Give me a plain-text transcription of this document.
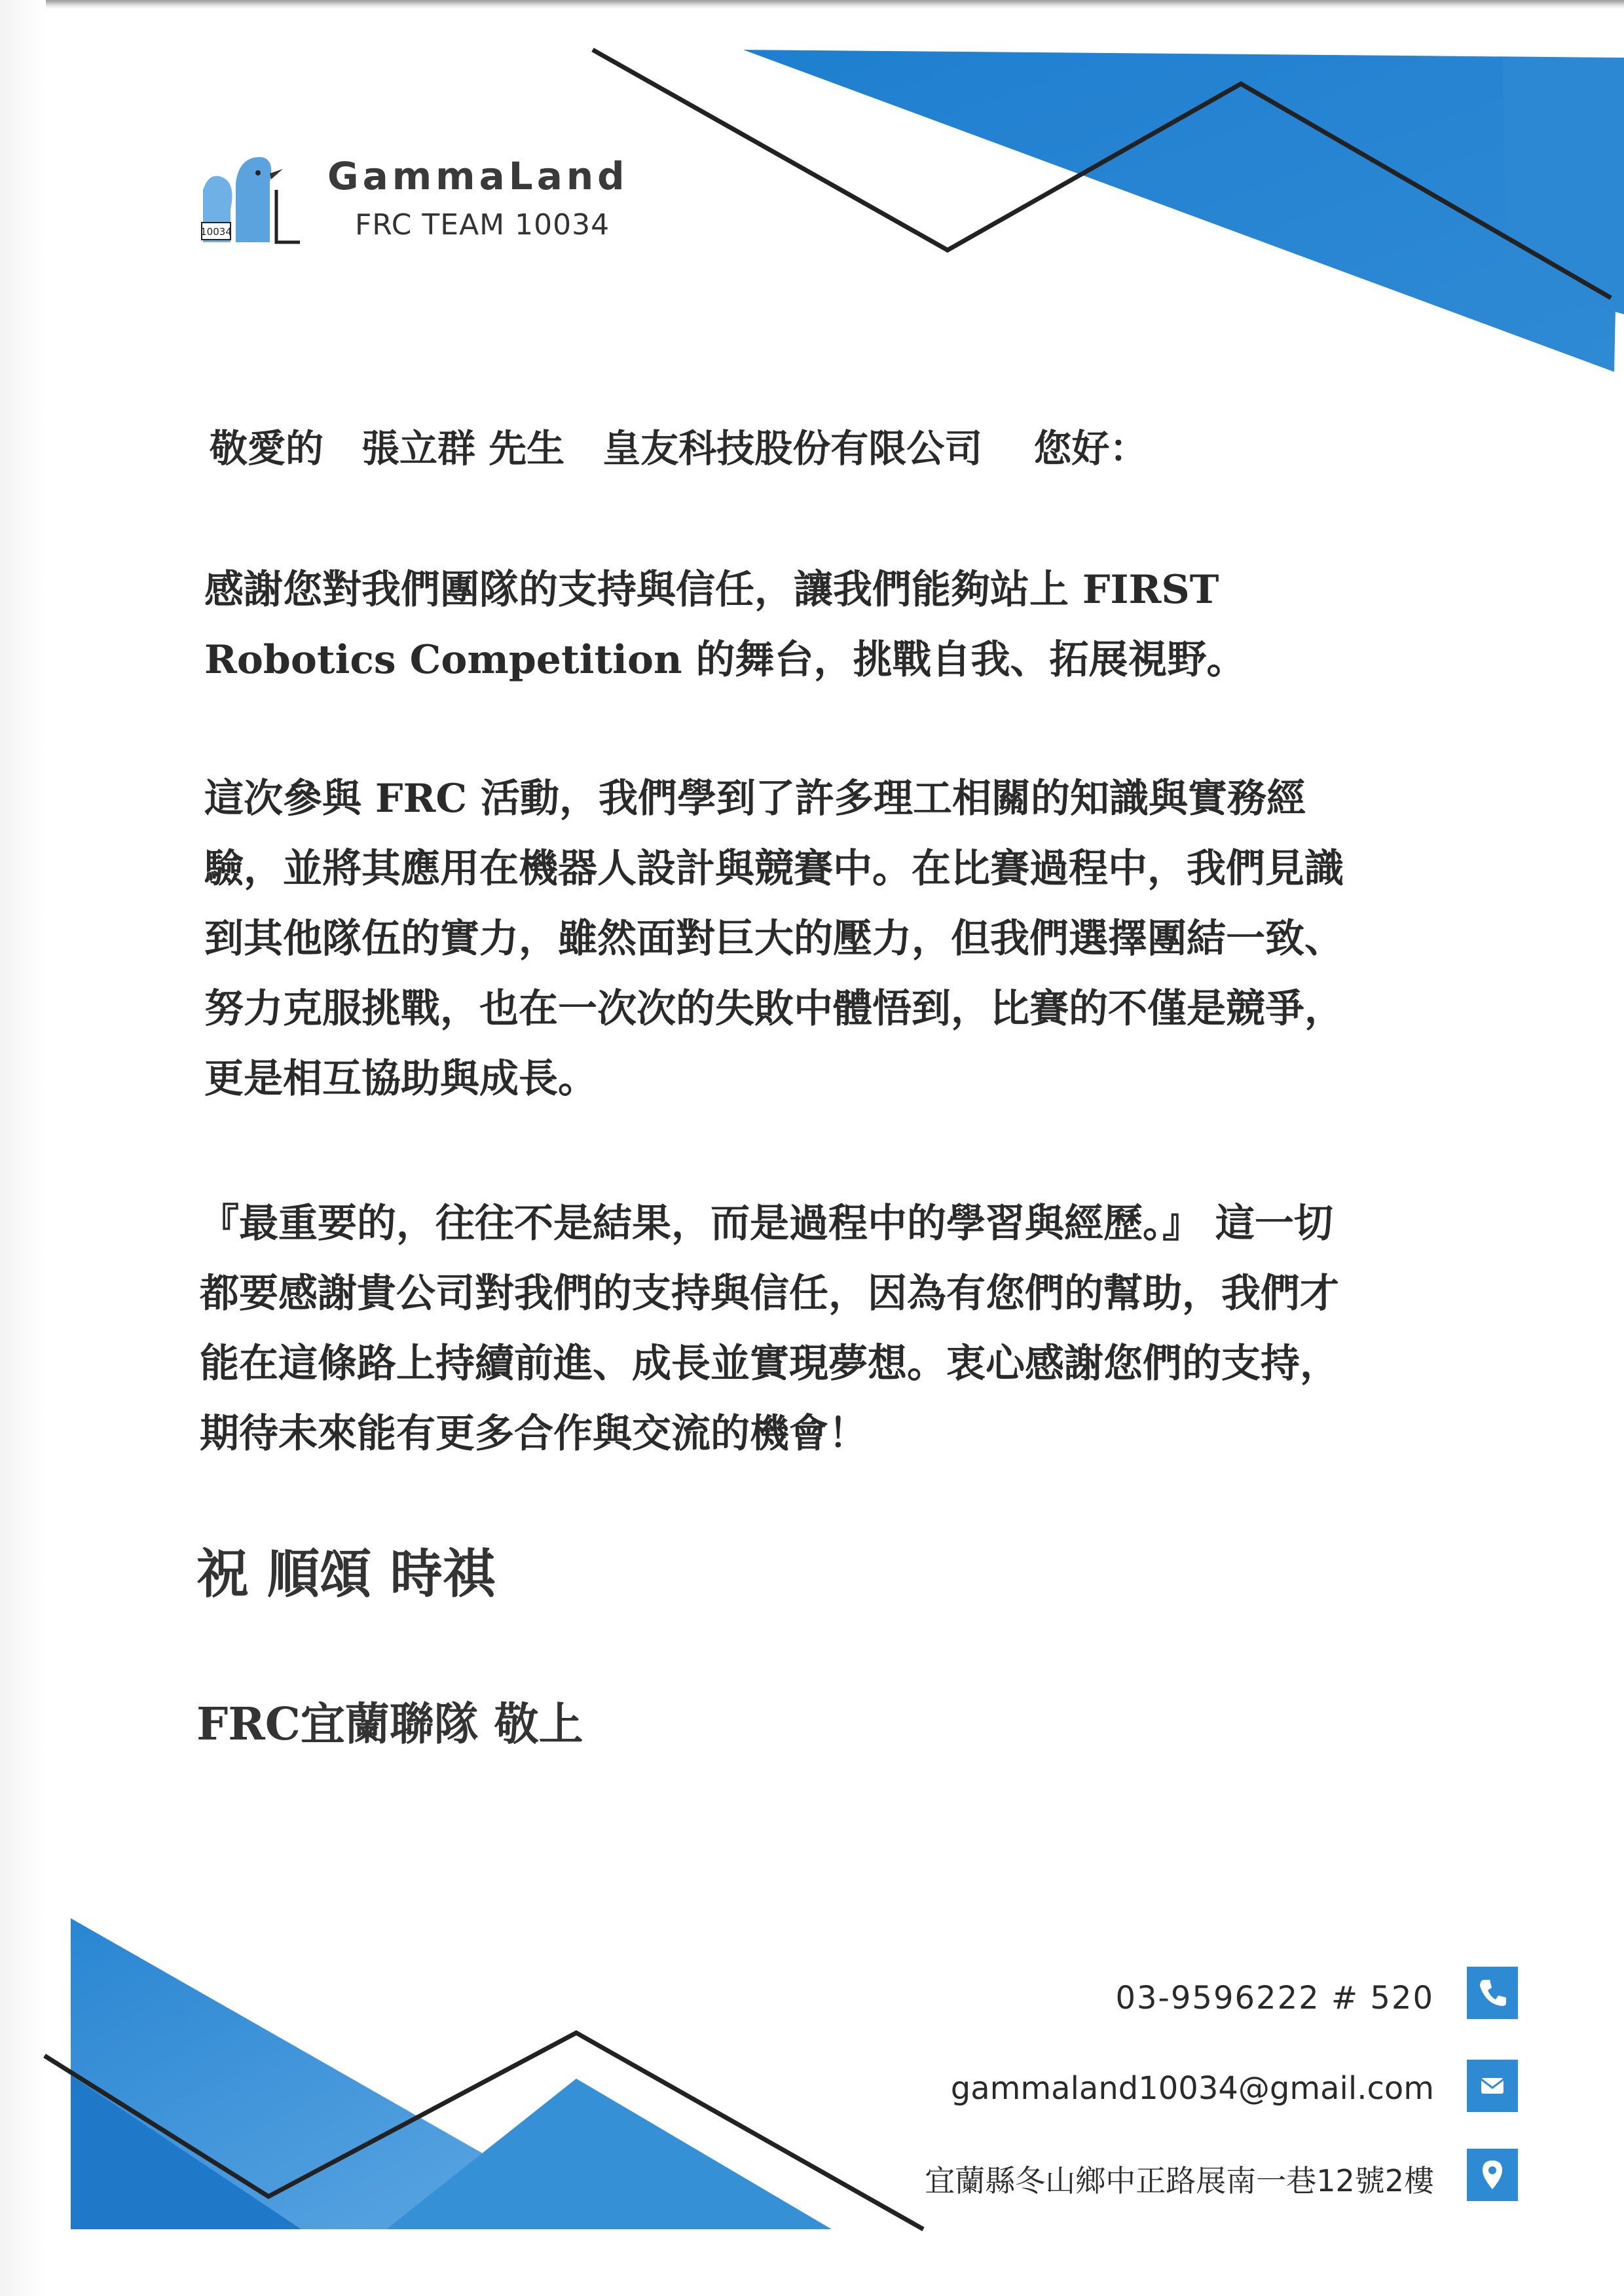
10034
GammaLand
FRC TEAM 10034
敬愛的　張立群 先生　皇友科技股份有限公司　 您好：
感謝您對我們團隊的支持與信任，讓我們能夠站上 FIRST
Robotics Competition 的舞台，挑戰自我、拓展視野。
這次參與 FRC 活動，我們學到了許多理工相關的知識與實務經
驗，並將其應用在機器人設計與競賽中。在比賽過程中，我們見識
到其他隊伍的實力，雖然面對巨大的壓力，但我們選擇團結一致、
努力克服挑戰，也在一次次的失敗中體悟到，比賽的不僅是競爭，
更是相互協助與成長。
『最重要的，往往不是結果，而是過程中的學習與經歷。』 這一切
都要感謝貴公司對我們的支持與信任，因為有您們的幫助，我們才
能在這條路上持續前進、成長並實現夢想。衷心感謝您們的支持，
期待未來能有更多合作與交流的機會！
祝 順頌 時祺
FRC宜蘭聯隊 敬上
03-9596222 # 520
gammaland10034@gmail.com
宜蘭縣冬山鄉中正路展南一巷12號2樓
